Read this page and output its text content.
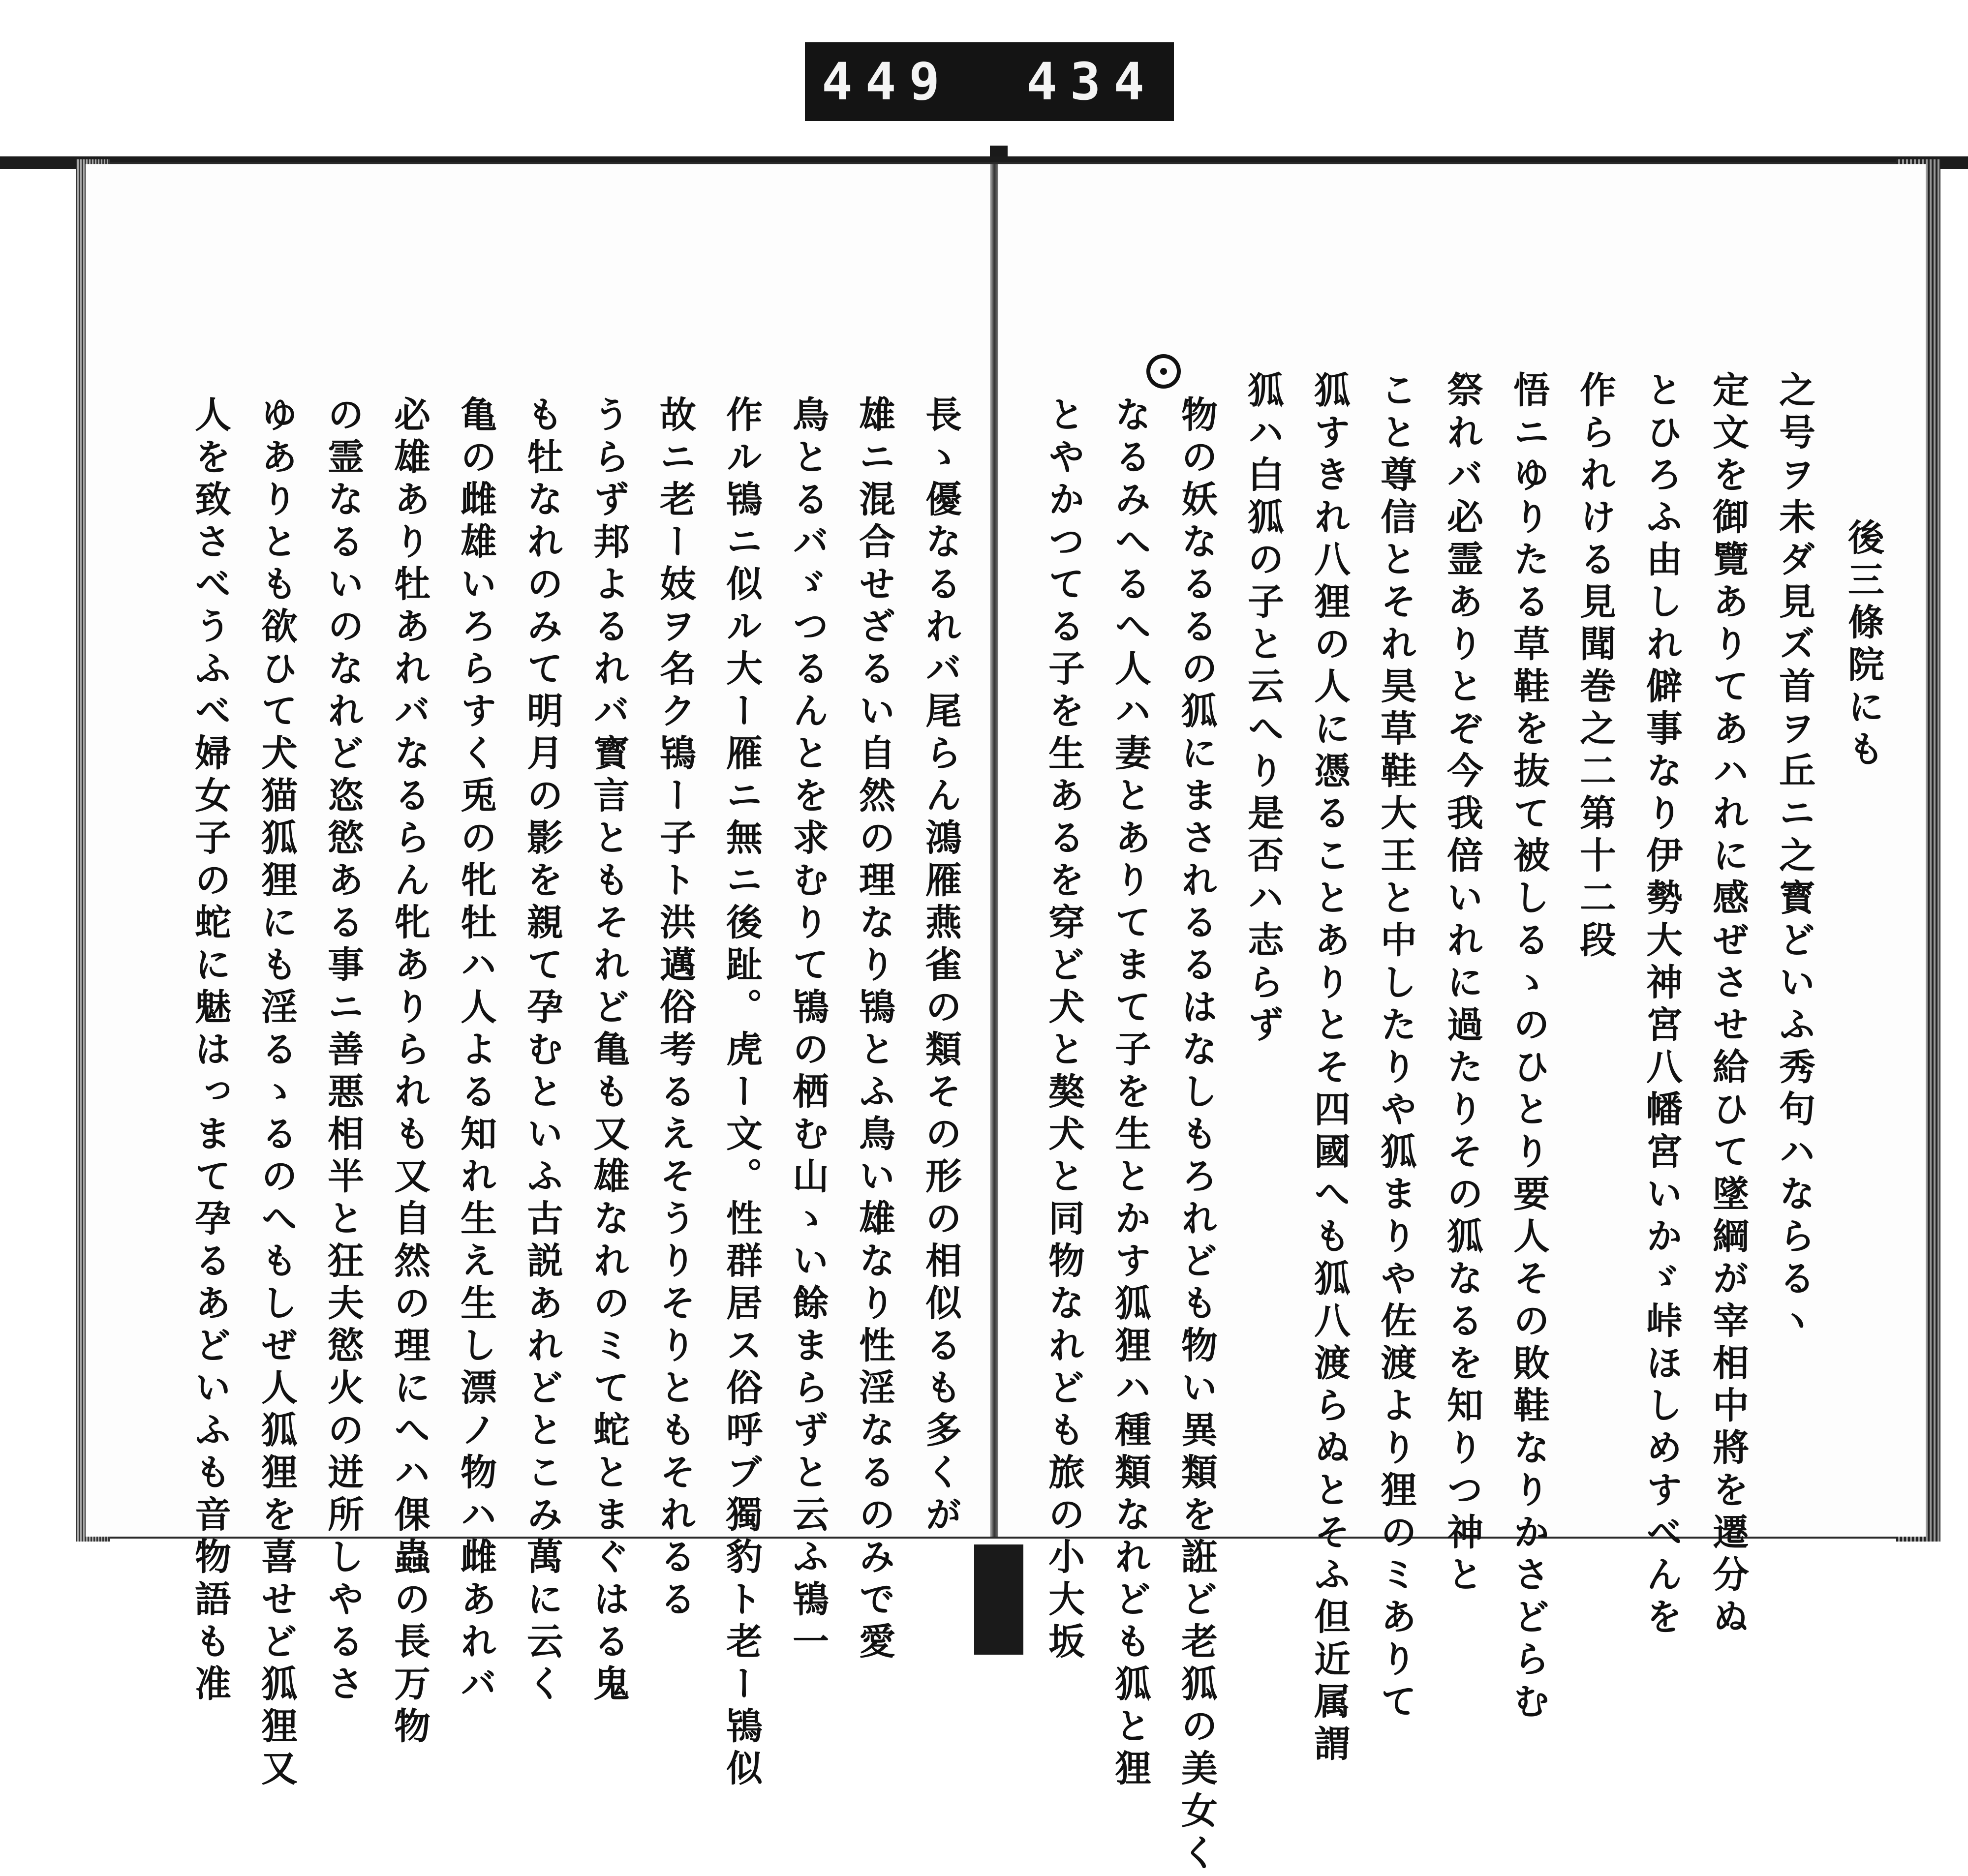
449 434
長ゝ優なるれバ尾らん鴻雁燕雀の類その形の相似るも多くが
雄ニ混合せざるい自然の理なり鴇とふ鳥い雄なり性淫なるのみで愛
鳥とるバゞつるんとを求むりて鴇の栖む山ゝい餘まらずと云ふ鴇一
作ル鴇ニ似ル大ー雁ニ無ニ後趾。虎ー文。性群居ス俗呼ブ獨豹ト老ー鴇似
故ニ老ー妓ヲ名ク鴇ー子ト洪邁俗考るえそうりそりともそれるる
うらず邦よるれバ寳言ともそれど亀も又雄なれのミて蛇とまぐはる鬼
も牡なれのみて明月の影を親て孕むといふ古説あれどとこみ萬に云く
亀の雌雄いろらすく兎の牝牡ハ人よる知れ生え生し漂ノ物ハ雌あれバ
必雄あり牡あれバなるらん牝ありられも又自然の理にへハ倮蟲の長万物
の霊なるいのなれど恣慾ある事ニ善悪相半と狂夫慾火の迸所しやるさ
ゆありとも欲ひて犬猫狐狸にも淫るゝるのへもしぜ人狐狸を喜せど狐狸又
人を致さべうふべ婦女子の蛇に魅はっまて孕るあどいふも音物語も准	後三條院にも
之号ヲ未ダ見ズ首ヲ丘ニ之寳どいふ秀句ハならるヽ
定文を御覽ありてあハれに感ぜさせ給ひて墜綱が宰相中將を遷分ぬ
とひろふ由しれ僻事なり伊勢大神宮八幡宮いかゞ峠ほしめすべんを
作られける見聞巻之二第十二段
悟ニゆりたる草鞋を抜て被しるゝのひとり要人その敗鞋なりかさどらむ
祭れバ必霊ありとぞ今我倍いれに過たりその狐なるを知りつ神と
こと尊信とそれ昊草鞋大王と中したりや狐まりや佐渡より狸のミありて
狐すきれ八狸の人に憑ることありとそ四國へも狐八渡らぬとそふ但近属謂
狐ハ白狐の子と云へり是否ハ志らず
物の妖なるるの狐にまされるるはなしもろれども物い異類を誑ど老狐の美女く
なるみへるへ人ハ妻とありてまて子を生とかす狐狸ハ種類なれども狐と狸
とやかつてる子を生あるを穿ど犬と獒犬と同物なれども旅の小大坂
